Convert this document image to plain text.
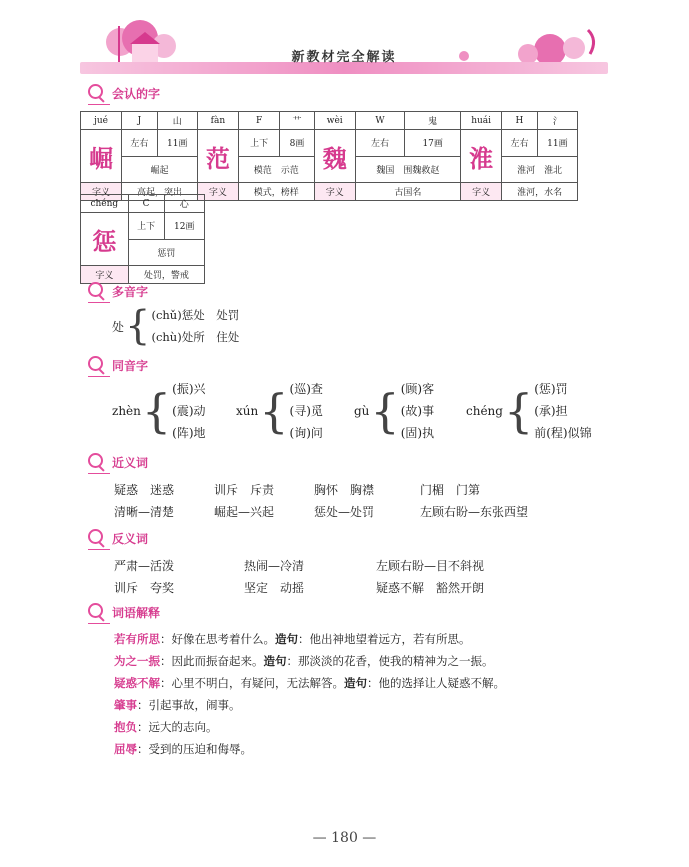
新教材完全解读
会认的字
jué	J	山	fàn	F	艹	wèi	W	鬼	huái	H	氵
崛	左右	11画	范	上下	8画	魏	左右	17画	淮	左右	11画
	崛起			模范　示范			魏国　围魏救赵			淮河　淮北	
字义	高起，突出		字义	模式，榜样		字义	古国名		字义	淮河，水名	
chéng	C	心
惩	上下	12画
	惩罚	
字义	处罚，警戒	
多音字
处 { (chǔ)惩处　处罚
(chù)处所　住处
同音字
zhèn { (振)兴
(震)动
(阵)地
xún { (巡)查
(寻)觅
(询)问
gù { (顾)客
(故)事
(固)执
chéng { (惩)罚
(承)担
前(程)似锦
近义词
疑惑　迷惑	训斥　斥责	胸怀　胸襟	门楣　门第
清晰—清楚	崛起—兴起	惩处—处罚	左顾右盼—东张西望
反义词
严肃—活泼	热闹—冷清	左顾右盼—目不斜视
训斥　夸奖	坚定　动摇	疑惑不解　豁然开朗
词语解释
若有所思：好像在思考着什么。造句：他出神地望着远方，若有所思。
为之一振：因此而振奋起来。造句：那淡淡的花香，使我的精神为之一振。
疑惑不解：心里不明白，有疑问，无法解答。造句：他的选择让人疑惑不解。
肇事：引起事故，闹事。
抱负：远大的志向。
屈辱：受到的压迫和侮辱。
— 180 —
